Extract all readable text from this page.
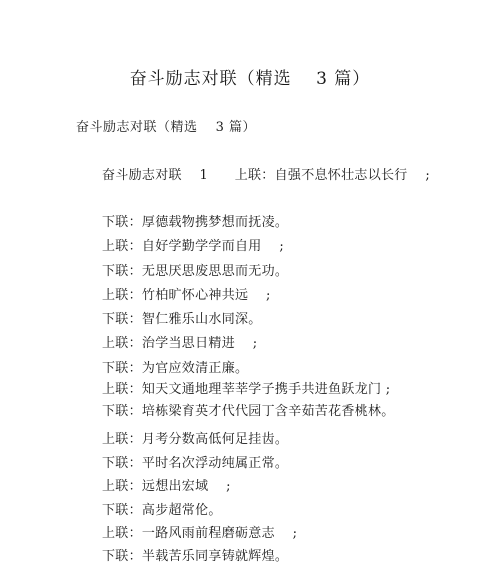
奋斗励志对联（精选　 3 篇）
奋斗励志对联（精选　 3 篇）
奋斗励志对联　 1　　上联：自强不息怀壮志以长行　 ;
下联：厚德载物携梦想而抚凌。
上联：自好学勤学学而自用　 ;
下联：无思厌思废思思而无功。
上联：竹柏旷怀心神共远　 ;
下联：智仁雅乐山水同深。
上联：治学当思日精进　 ;
下联：为官应效清正廉。
上联：知天文通地理莘莘学子携手共进鱼跃龙门 ; 下联：培栋梁育英才代代园丁含辛茹苦花香桃林。
上联：月考分数高低何足挂齿。
下联：平时名次浮动纯属正常。
上联：远想出宏域　 ;
下联：高步超常伦。
上联：一路风雨前程磨砺意志　 ;
下联：半载苦乐同享铸就辉煌。
